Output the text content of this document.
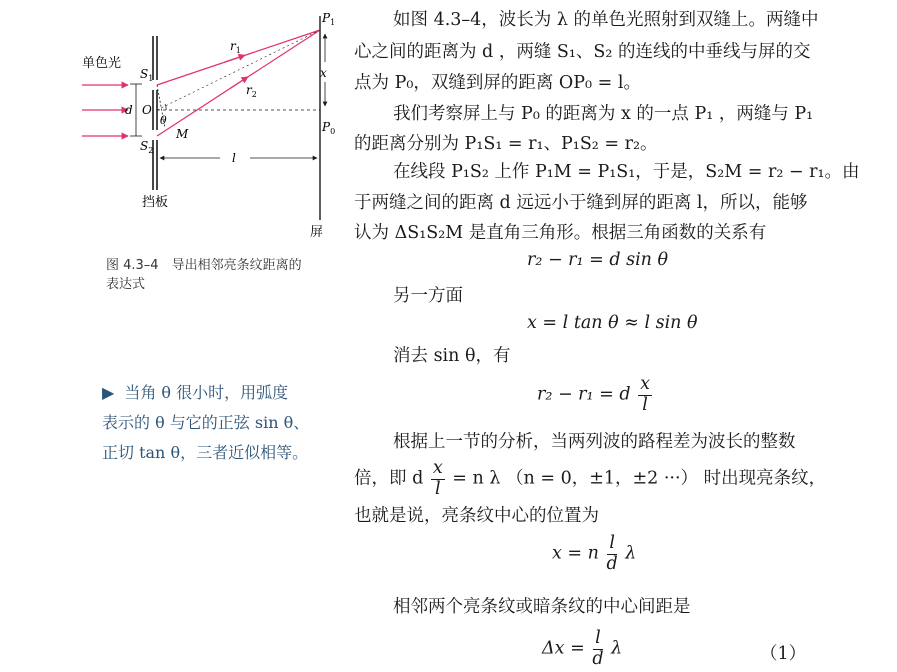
单色光
$S_1$
$S_2$
d O
θ
M
$r_1$
$r_2$
$P_1$
$P_0$
x
l
挡板
屏
图 4.3–4　导出相邻亮条纹距离的
表达式
▶ 当角 θ 很小时，用弧度
表示的 θ 与它的正弦 sin θ、
正切 tan θ，三者近似相等。
如图 4.3–4，波长为 λ 的单色光照射到双缝上。两缝中
心之间的距离为 d ，两缝 S₁、S₂ 的连线的中垂线与屏的交
点为 P₀，双缝到屏的距离 OP₀ = l。
我们考察屏上与 P₀ 的距离为 x 的一点 P₁ ，两缝与 P₁
的距离分别为 P₁S₁ = r₁、P₁S₂ = r₂。
在线段 P₁S₂ 上作 P₁M = P₁S₁，于是，S₂M = r₂ − r₁。由
于两缝之间的距离 d 远远小于缝到屏的距离 l，所以，能够
认为 ΔS₁S₂M 是直角三角形。根据三角函数的关系有
r₂ − r₁ = d sin θ
另一方面
x = l tan θ ≈ l sin θ
消去 sin θ，有
r₂ − r₁ = d $\frac{x}{l}$
根据上一节的分析，当两列波的路程差为波长的整数
倍，即 d $\frac{x}{l} = n$ λ （n = 0，±1，±2 ···） 时出现亮条纹，
也就是说，亮条纹中心的位置为
x = n $\frac{l}{d}$ λ
相邻两个亮条纹或暗条纹的中心间距是
$\Delta x = \frac{l}{d}$ λ	（1）
